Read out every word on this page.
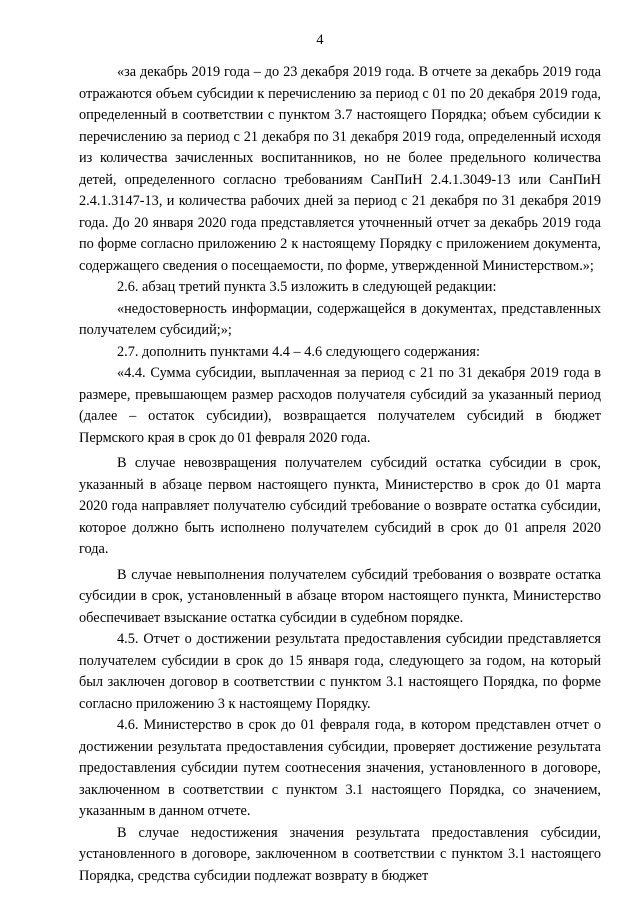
4

«за декабрь 2019 года – до 23 декабря 2019 года. В отчете за декабрь 2019 года отражаются объем субсидии к перечислению за период с 01 по 20 декабря 2019 года, определенный в соответствии с пунктом 3.7 настоящего Порядка; объем субсидии к перечислению за период с 21 декабря по 31 декабря 2019 года, определенный исходя из количества зачисленных воспитанников, но не более предельного количества детей, определенного согласно требованиям СанПиН 2.4.1.3049-13 или СанПиН 2.4.1.3147-13, и количества рабочих дней за период с 21 декабря по 31 декабря 2019 года. До 20 января 2020 года представляется уточненный отчет за декабрь 2019 года по форме согласно приложению 2 к настоящему Порядку с приложением документа, содержащего сведения о посещаемости, по форме, утвержденной Министерством.»;

2.6. абзац третий пункта 3.5 изложить в следующей редакции:

«недостоверность информации, содержащейся в документах, представленных получателем субсидий;»;

2.7. дополнить пунктами 4.4 – 4.6 следующего содержания:

«4.4. Сумма субсидии, выплаченная за период с 21 по 31 декабря 2019 года в размере, превышающем размер расходов получателя субсидий за указанный период (далее – остаток субсидии), возвращается получателем субсидий в бюджет Пермского края в срок до 01 февраля 2020 года.

В случае невозвращения получателем субсидий остатка субсидии в срок, указанный в абзаце первом настоящего пункта, Министерство в срок до 01 марта 2020 года направляет получателю субсидий требование о возврате остатка субсидии, которое должно быть исполнено получателем субсидий в срок до 01 апреля 2020 года.

В случае невыполнения получателем субсидий требования о возврате остатка субсидии в срок, установленный в абзаце втором настоящего пункта, Министерство обеспечивает взыскание остатка субсидии в судебном порядке.

4.5. Отчет о достижении результата предоставления субсидии представляется получателем субсидии в срок до 15 января года, следующего за годом, на который был заключен договор в соответствии с пунктом 3.1 настоящего Порядка, по форме согласно приложению 3 к настоящему Порядку.

4.6. Министерство в срок до 01 февраля года, в котором представлен отчет о достижении результата предоставления субсидии, проверяет достижение результата предоставления субсидии путем соотнесения значения, установленного в договоре, заключенном в соответствии с пунктом 3.1 настоящего Порядка, со значением, указанным в данном отчете.

В случае недостижения значения результата предоставления субсидии, установленного в договоре, заключенном в соответствии с пунктом 3.1 настоящего Порядка, средства субсидии подлежат возврату в бюджет
